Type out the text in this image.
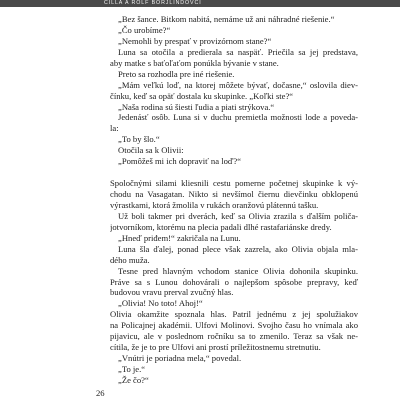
CILLA A ROLF BÖRJLINDOVCI
„Bez šance. Bitkom nabitá, nemáme už ani náhradné riešenie.“
„Čo urobíme?“
„Nemohli by prespať v provizórnom stane?“
Luna sa otočila a predierala sa naspäť. Priečila sa jej predstava,
aby matke s baťoľaťom ponúkla bývanie v stane.
Preto sa rozhodla pre iné riešenie.
„Mám veľkú loď, na ktorej môžete bývať, dočasne,“ oslovila diev-
čínku, keď sa opäť dostala ku skupinke. „Koľki ste?“
„Naša rodina sú šiesti ľudia a piati strýkova.“
Jedenásť osôb. Luna si v duchu premietla možnosti lode a poveda-
la:
„To by šlo.“
Otočila sa k Olivii:
„Pomôžeš mi ich dopraviť na loď?“
Spoločnými silami kliesnili cestu pomerne početnej skupinke k vý-
chodu na Vasagatan. Nikto si nevšímol čiernu dievčinku obklopenú
výrastkami, ktorá žmolila v rukách oranžovú plátennú tašku.
Už boli takmer pri dverách, keď sa Olivia zrazila s ďalším poliča-
jotvorníkom, ktorému na plecia padali dlhé rastafariánske dredy.
„Hneď priđem!“ zakričala na Lunu.
Luna šla ďalej, ponad plece však zazrela, ako Olivia objala mla-
dého muža.
Tesne pred hlavným vchodom stanice Olivia dohonila skupinku.
Práve sa s Lunou dohovárali o najlepšom spôsobe prepravy, keď
budovou vravu prerval zvučný hlas.
„Olivia! No toto! Ahoj!“
Olivia okamžite spoznala hlas. Patril jednému z jej spolužiakov
na Policajnej akadémii. Ulfovi Molinovi. Svojho času ho vnímala ako
pijavicu, ale v poslednom ročníku sa to zmenilo. Teraz sa však ne-
cítila, že je to pre Ulfovi ani prostí príležitostnemu stretnutiu.
„Vnútri je poriadna mela,“ povedal.
„To je.“
„Že čo?“
26
